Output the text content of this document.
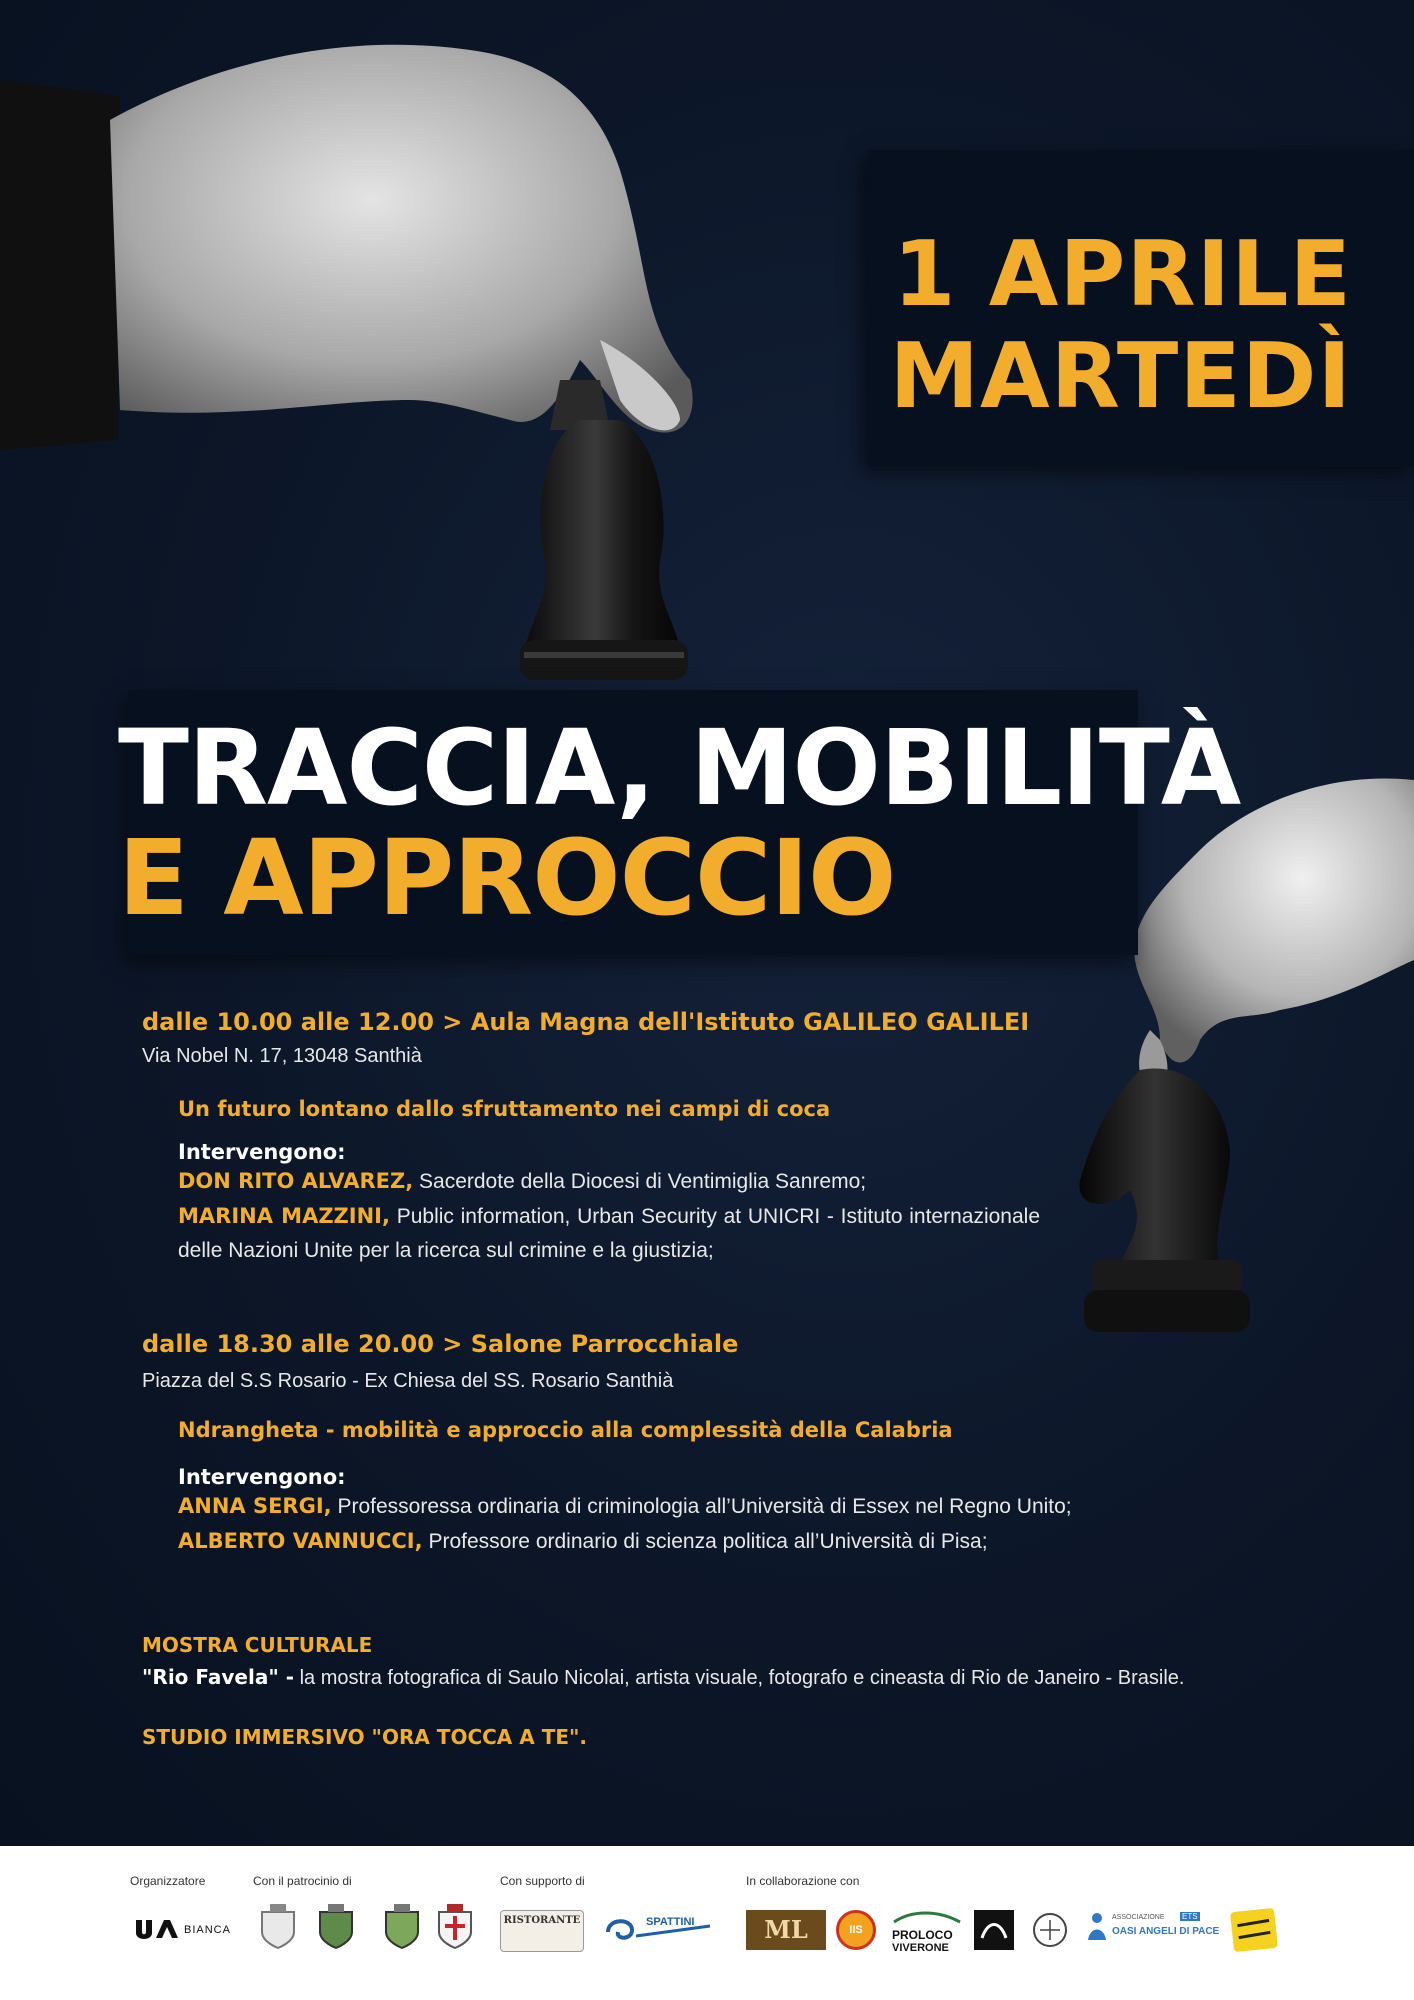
1 APRILE
MARTEDÌ
TRACCIA, MOBILITÀ
E APPROCCIO
dalle 10.00 alle 12.00 > Aula Magna dell'Istituto GALILEO GALILEI
Via Nobel N. 17, 13048 Santhià
Un futuro lontano dallo sfruttamento nei campi di coca
Intervengono:
DON RITO ALVAREZ, Sacerdote della Diocesi di Ventimiglia Sanremo;
MARINA MAZZINI, Public information, Urban Security at UNICRI - Istituto internazionale delle Nazioni Unite per la ricerca sul crimine e la giustizia;
dalle 18.30 alle 20.00 > Salone Parrocchiale
Piazza del S.S Rosario - Ex Chiesa del SS. Rosario Santhià
Ndrangheta - mobilità e approccio alla complessità della Calabria
Intervengono:
ANNA SERGI, Professoressa ordinaria di criminologia all’Università di Essex nel Regno Unito;
ALBERTO VANNUCCI, Professore ordinario di scienza politica all’Università di Pisa;
MOSTRA CULTURALE
"Rio Favela" - la mostra fotografica di Saulo Nicolai, artista visuale, fotografo e cineasta di Rio de Janeiro - Brasile.
STUDIO IMMERSIVO "ORA TOCCA A TE".
Organizzatore	Con il patrocinio di	Con supporto di	In collaborazione con
BIANCA
RISTORANTE	SPATTINI	ML	IIS	PROLOCO
VIVERONE
ASSOCIAZIONE ETS
OASI ANGELI DI PACE
